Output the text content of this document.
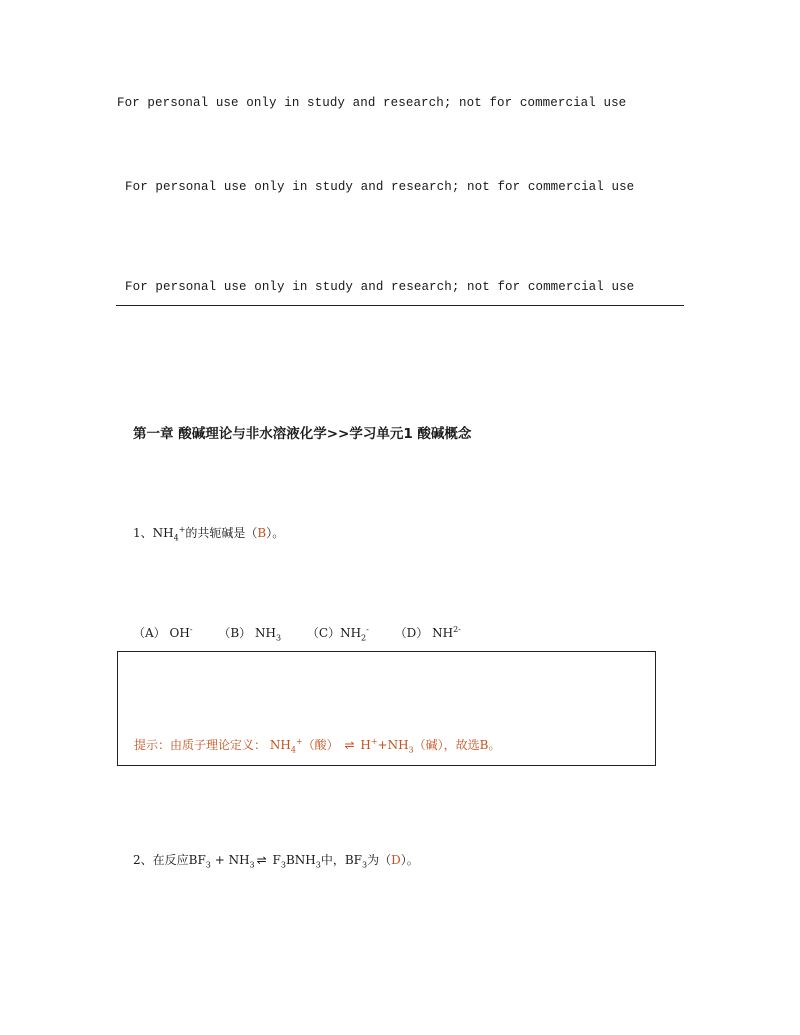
For personal use only in study and research; not for commercial use
For personal use only in study and research; not for commercial use
For personal use only in study and research; not for commercial use
第一章 酸碱理论与非水溶液化学>>学习单元1 酸碱概念
1、$NH_4^+$的共轭碱是（B）。
（A） OH- （B） $NH_3$ $(C)NH_2^-$ （D） $NH^{2-}$
提示：由质子理论定义： $NH_4^+$（酸） ⇌ $H^++NH_3$（碱），故选B。
2、在反应$BF_3 + NH_3$ ⇌ $F_3BNH_3$中，$BF_3$为（D）。
